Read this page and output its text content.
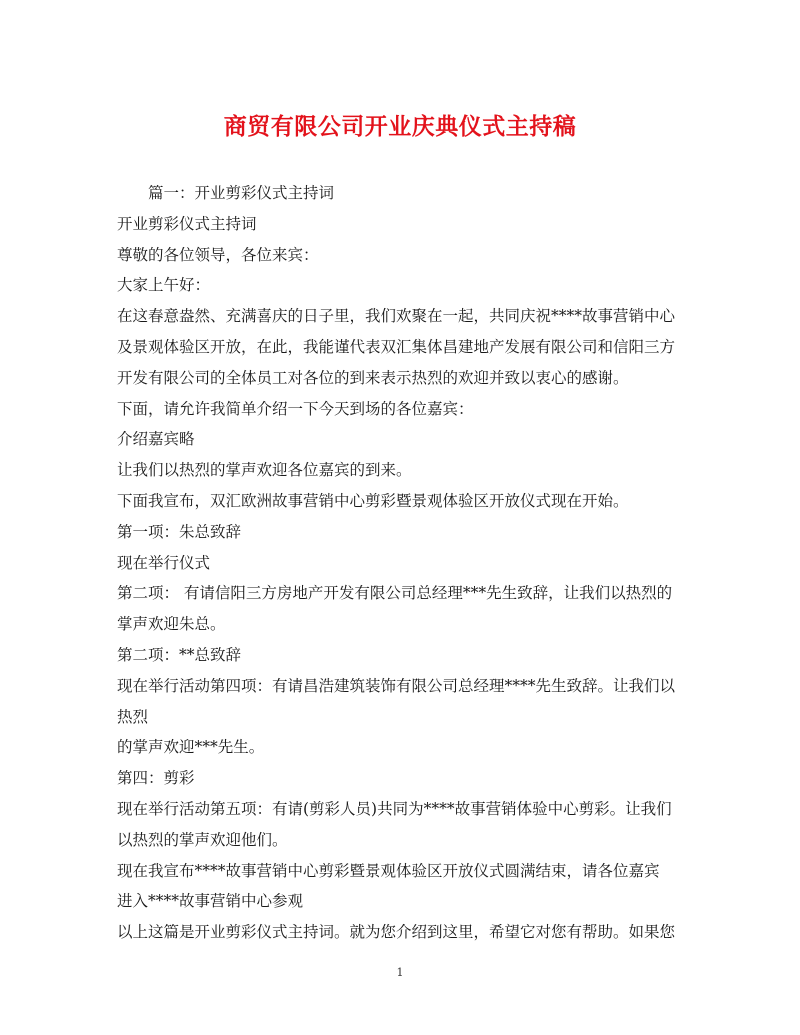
商贸有限公司开业庆典仪式主持稿
篇一：开业剪彩仪式主持词
开业剪彩仪式主持词
尊敬的各位领导，各位来宾：
大家上午好：
在这春意盎然、充满喜庆的日子里，我们欢聚在一起，共同庆祝****故事营销中心
及景观体验区开放，在此，我能谨代表双汇集体昌建地产发展有限公司和信阳三方
开发有限公司的全体员工对各位的到来表示热烈的欢迎并致以衷心的感谢。
下面，请允许我简单介绍一下今天到场的各位嘉宾：
介绍嘉宾略
让我们以热烈的掌声欢迎各位嘉宾的到来。
下面我宣布，双汇欧洲故事营销中心剪彩暨景观体验区开放仪式现在开始。
第一项：朱总致辞
现在举行仪式
第二项： 有请信阳三方房地产开发有限公司总经理***先生致辞，让我们以热烈的
掌声欢迎朱总。
第二项：**总致辞
现在举行活动第四项：有请昌浩建筑装饰有限公司总经理****先生致辞。让我们以
热烈
的掌声欢迎***先生。
第四：剪彩
现在举行活动第五项：有请(剪彩人员)共同为****故事营销体验中心剪彩。让我们
以热烈的掌声欢迎他们。
现在我宣布****故事营销中心剪彩暨景观体验区开放仪式圆满结束，请各位嘉宾
进入****故事营销中心参观
以上这篇是开业剪彩仪式主持词。就为您介绍到这里，希望它对您有帮助。如果您
1
